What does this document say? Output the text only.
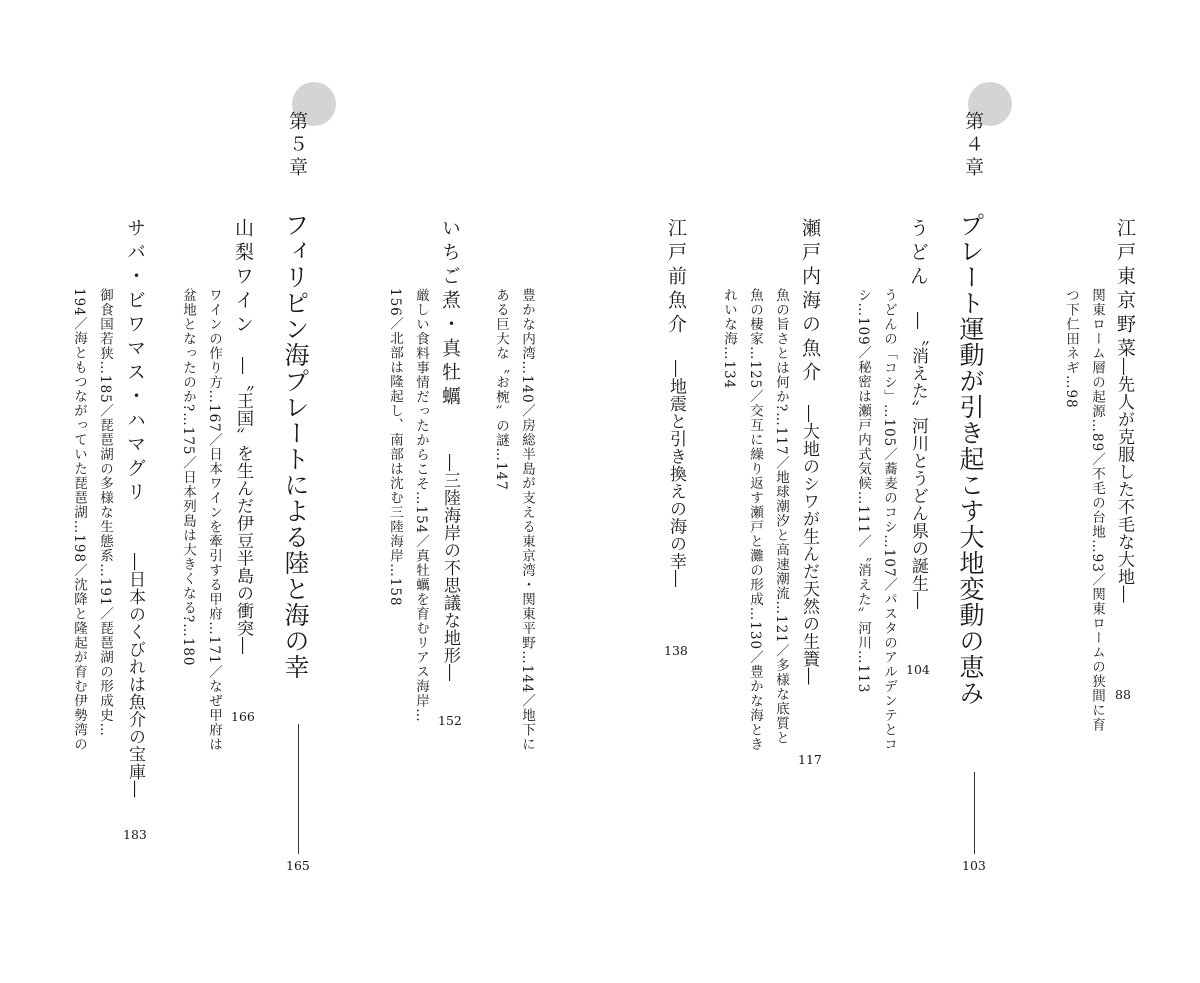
江戸東京野菜
―先人が克服した不毛な大地―
88
関東ローム層の起源…89／不毛の台地…93／関東ロームの狭間に育
つ下仁田ネギ…98
第４章
プレート運動が引き起こす大地変動の恵み
103
うどん
―〝消えた〟河川とうどん県の誕生―
104
うどんの「コシ」…105／蕎麦のコシ…107／パスタのアルデンテとコ
シ…109／秘密は瀬戸内式気候…111／〝消えた〟河川…113
瀬戸内海の魚介
―大地のシワが生んだ天然の生簀―
117
魚の旨さとは何か?…117／地球潮汐と高速潮流…121／多様な底質と
魚の棲家…125／交互に繰り返す瀬戸と灘の形成…130／豊かな海とき
れいな海…134
江戸前魚介
―地震と引き換えの海の幸―
138
豊かな内湾…140／房総半島が支える東京湾・関東平野…144／地下に
ある巨大な〝お椀〟の謎…147
いちご煮・真牡蠣
―三陸海岸の不思議な地形―
152
厳しい食料事情だったからこそ…154／真牡蠣を育むリアス海岸…
156／北部は隆起し、南部は沈む三陸海岸…158
第５章
フィリピン海プレートによる陸と海の幸
165
山梨ワイン
―〝王国〟を生んだ伊豆半島の衝突―
166
ワインの作り方…167／日本ワインを牽引する甲府…171／なぜ甲府は
盆地となったのか?…175／日本列島は大きくなる?…180
サバ・ビワマス・ハマグリ
―日本のくびれは魚介の宝庫―
183
御食国若狭…185／琵琶湖の多様な生態系…191／琵琶湖の形成史…
194／海ともつながっていた琵琶湖…198／沈降と隆起が育む伊勢湾の
